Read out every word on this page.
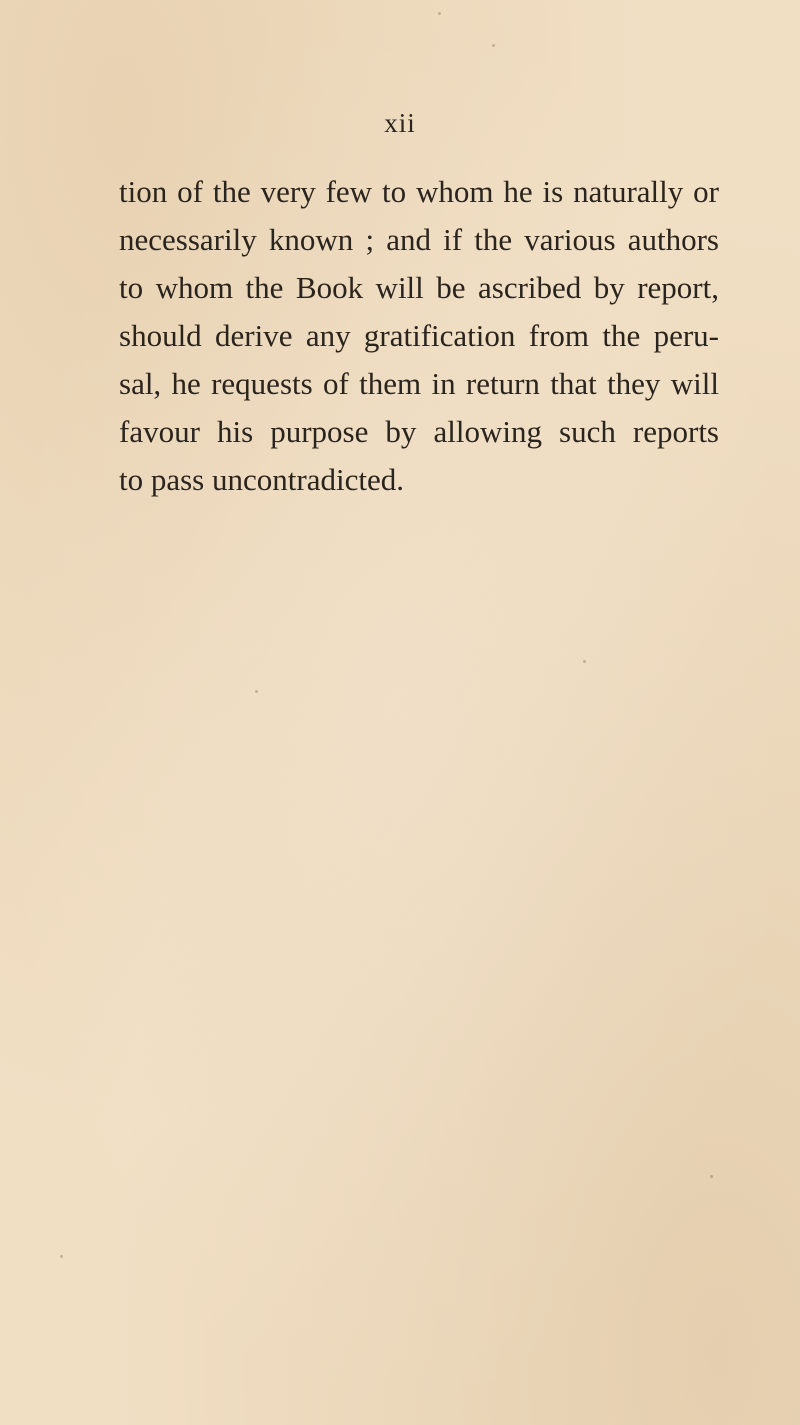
xii
tion of the very few to whom he is naturally or
necessarily known ; and if the various authors
to whom the Book will be ascribed by report,
should derive any gratification from the peru-
sal, he requests of them in return that they will
favour his purpose by allowing such reports
to pass uncontradicted.
